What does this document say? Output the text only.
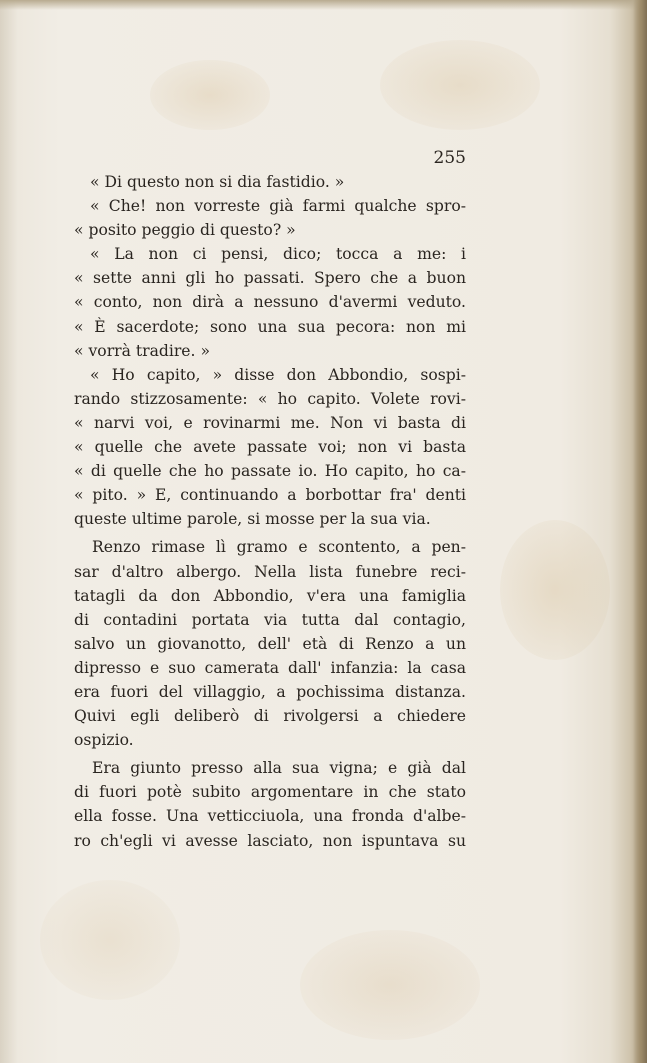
255
« Di questo non si dia fastidio. »
« Che! non vorreste già farmi qualche spro-
« posito peggio di questo? »
« La non ci pensi, dico; tocca a me: i
« sette anni gli ho passati. Spero che a buon
« conto, non dirà a nessuno d'avermi veduto.
« È sacerdote; sono una sua pecora: non mi
« vorrà tradire. »
« Ho capito, » disse don Abbondio, sospi-
rando stizzosamente: « ho capito. Volete rovi-
« narvi voi, e rovinarmi me. Non vi basta di
« quelle che avete passate voi; non vi basta
« di quelle che ho passate io. Ho capito, ho ca-
« pito. » E, continuando a borbottar fra' denti
queste ultime parole, si mosse per la sua via.
Renzo rimase lì gramo e scontento, a pen-
sar d'altro albergo. Nella lista funebre reci-
tatagli da don Abbondio, v'era una famiglia
di contadini portata via tutta dal contagio,
salvo un giovanotto, dell' età di Renzo a un
dipresso e suo camerata dall' infanzia: la casa
era fuori del villaggio, a pochissima distanza.
Quivi egli deliberò di rivolgersi a chiedere
ospizio.
Era giunto presso alla sua vigna; e già dal
di fuori potè subito argomentare in che stato
ella fosse. Una vetticciuola, una fronda d'albe-
ro ch'egli vi avesse lasciato, non ispuntava su
